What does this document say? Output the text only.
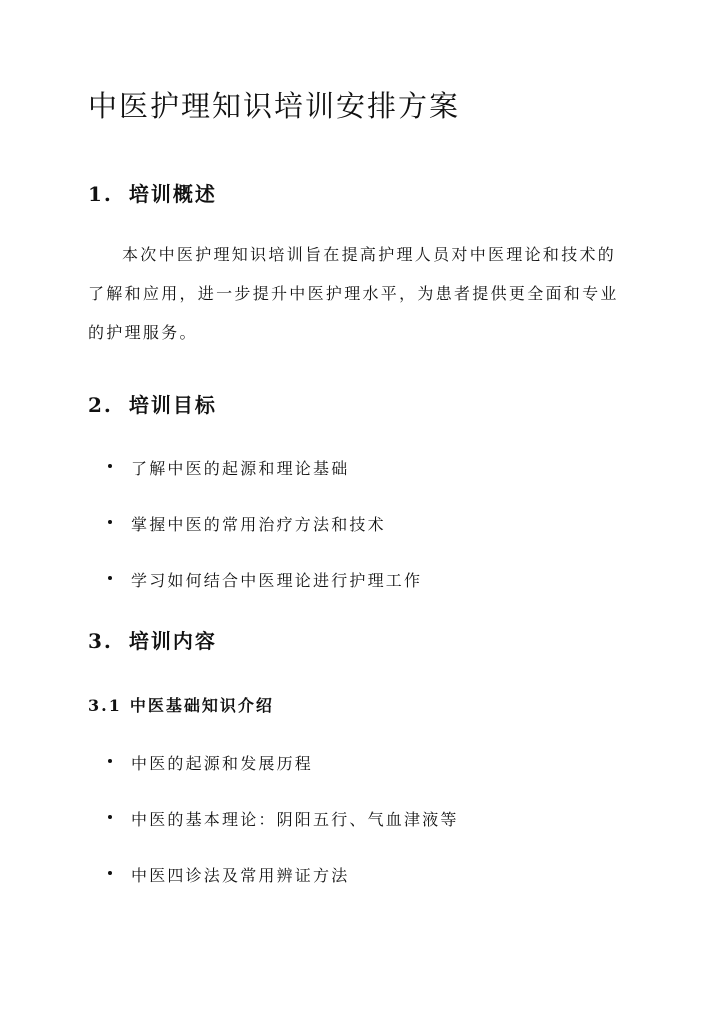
中医护理知识培训安排方案
1. 培训概述
本次中医护理知识培训旨在提高护理人员对中医理论和技术的
了解和应用，进一步提升中医护理水平，为患者提供更全面和专业
的护理服务。
2. 培训目标
了解中医的起源和理论基础
掌握中医的常用治疗方法和技术
学习如何结合中医理论进行护理工作
3. 培训内容
3.1 中医基础知识介绍
中医的起源和发展历程
中医的基本理论：阴阳五行、气血津液等
中医四诊法及常用辨证方法
